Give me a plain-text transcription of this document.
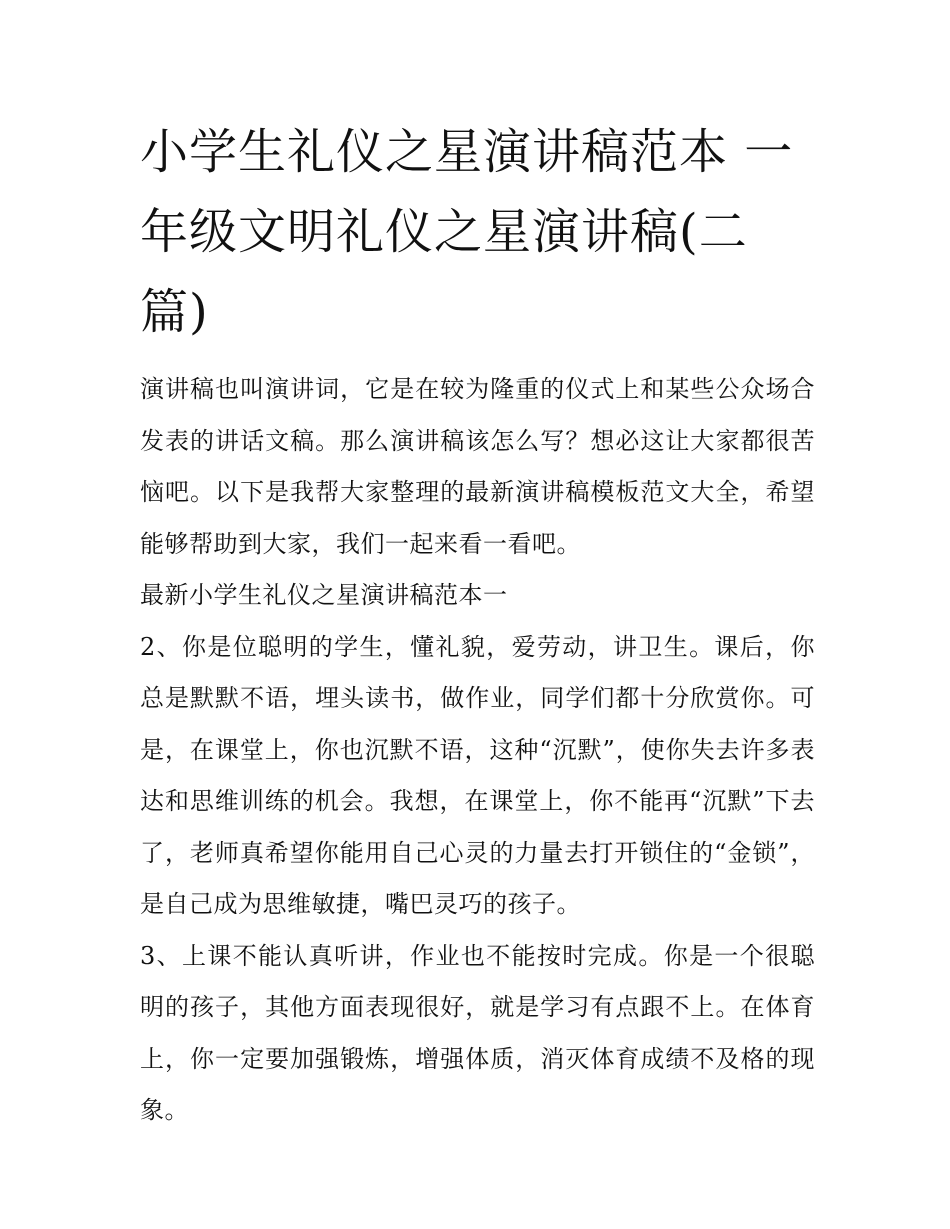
小学生礼仪之星演讲稿范本 一年级文明礼仪之星演讲稿(二篇)

演讲稿也叫演讲词，它是在较为隆重的仪式上和某些公众场合发表的讲话文稿。那么演讲稿该怎么写？想必这让大家都很苦恼吧。以下是我帮大家整理的最新演讲稿模板范文大全，希望能够帮助到大家，我们一起来看一看吧。

最新小学生礼仪之星演讲稿范本一

2、你是位聪明的学生，懂礼貌，爱劳动，讲卫生。课后，你总是默默不语，埋头读书，做作业，同学们都十分欣赏你。可是，在课堂上，你也沉默不语，这种“沉默”，使你失去许多表达和思维训练的机会。我想，在课堂上，你不能再“沉默”下去了，老师真希望你能用自己心灵的力量去打开锁住的“金锁”，是自己成为思维敏捷，嘴巴灵巧的孩子。

3、上课不能认真听讲，作业也不能按时完成。你是一个很聪明的孩子，其他方面表现很好，就是学习有点跟不上。在体育上，你一定要加强锻炼，增强体质，消灭体育成绩不及格的现象。
